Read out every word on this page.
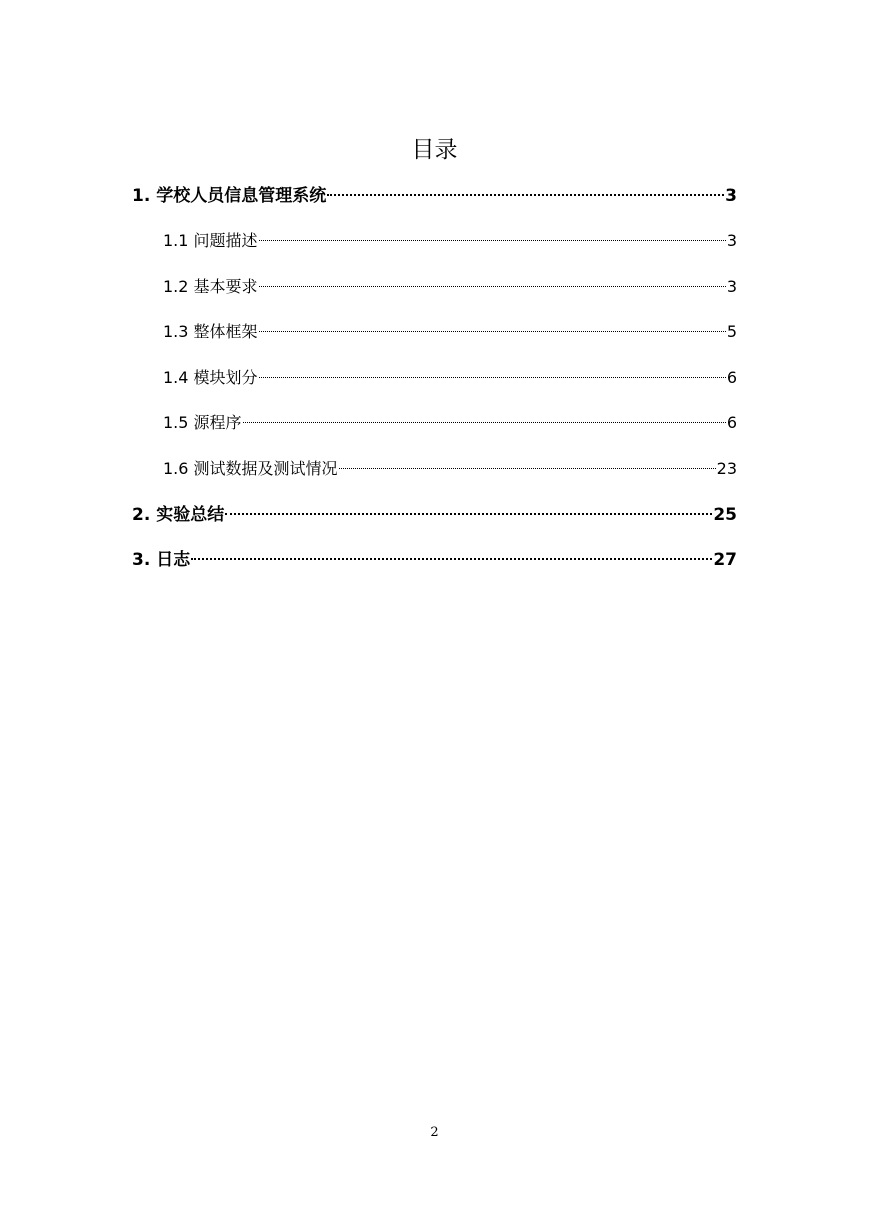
目录
1. 学校人员信息管理系统	3
1.1 问题描述	3
1.2 基本要求	3
1.3 整体框架	5
1.4 模块划分	6
1.5 源程序	6
1.6 测试数据及测试情况	23
2. 实验总结	25
3. 日志	27
2
